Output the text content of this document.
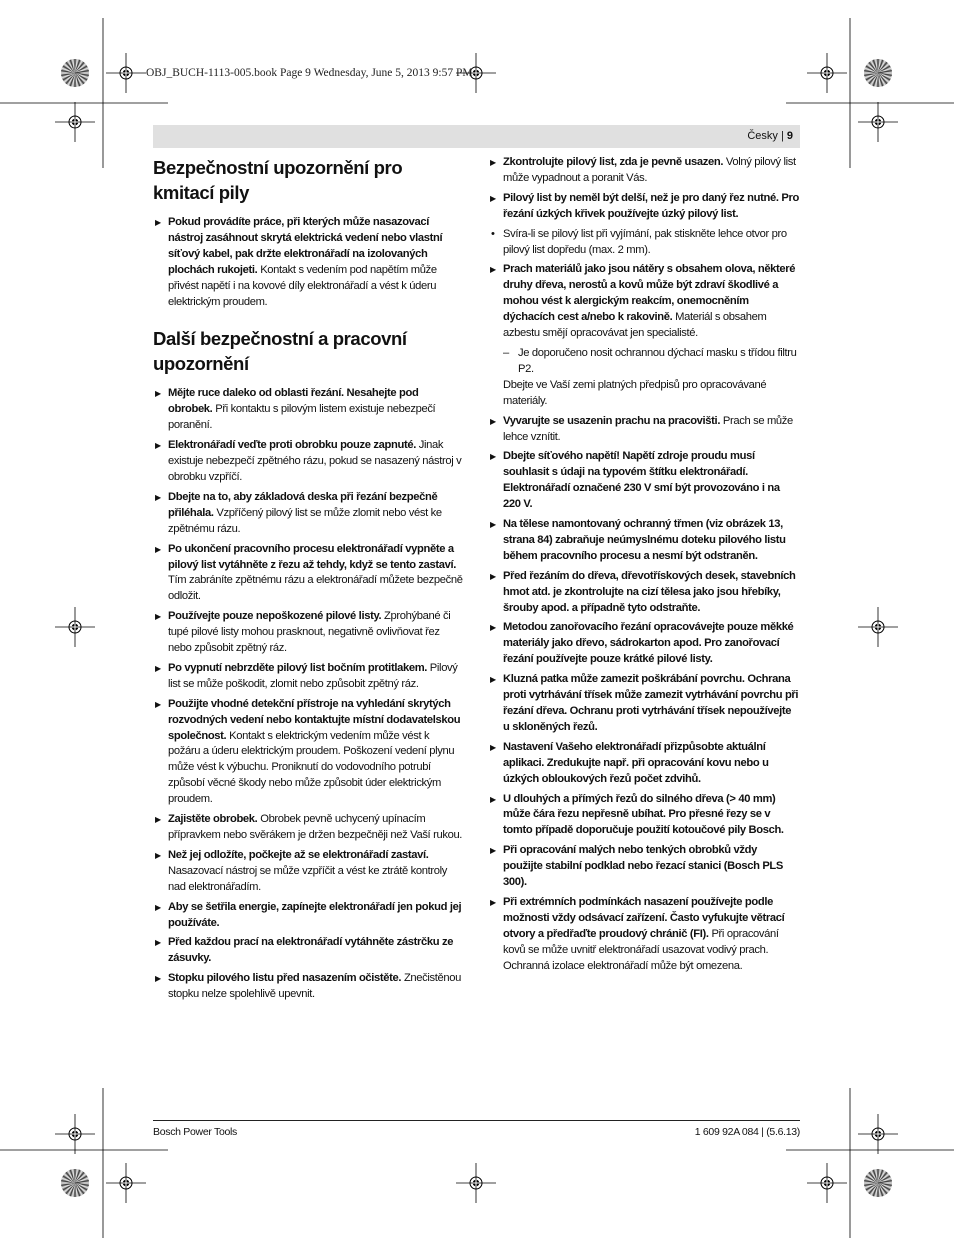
OBJ_BUCH-1113-005.book Page 9 Wednesday, June 5, 2013 9:57 PM
Česky | 9
Bezpečnostní upozornění pro kmitací pily
▶ Pokud provádíte práce, při kterých může nasazovací nástroj zasáhnout skrytá elektrická vedení nebo vlastní síťový kabel, pak držte elektronářadí na izolovaných plochách rukojeti. Kontakt s vedením pod napětím může přivést napětí i na kovové díly elektronářadí a vést k úderu elektrickým proudem.
Další bezpečnostní a pracovní upozornění
▶ Mějte ruce daleko od oblasti řezání. Nesahejte pod obrobek. Při kontaktu s pilovým listem existuje nebezpečí poranění.
▶ Elektronářadí veďte proti obrobku pouze zapnuté. Jinak existuje nebezpečí zpětného rázu, pokud se nasazený nástroj v obrobku vzpříčí.
▶ Dbejte na to, aby základová deska při řezání bezpečně přiléhala. Vzpříčený pilový list se může zlomit nebo vést ke zpětnému rázu.
▶ Po ukončení pracovního procesu elektronářadí vypněte a pilový list vytáhněte z řezu až tehdy, když se tento zastaví. Tím zabráníte zpětnému rázu a elektronářadí můžete bezpečně odložit.
▶ Používejte pouze nepoškozené pilové listy. Zprohýbané či tupé pilové listy mohou prasknout, negativně ovlivňovat řez nebo způsobit zpětný ráz.
▶ Po vypnutí nebrzděte pilový list bočním protitlakem. Pilový list se může poškodit, zlomit nebo způsobit zpětný ráz.
▶ Použijte vhodné detekční přístroje na vyhledání skrytých rozvodných vedení nebo kontaktujte místní dodavatelskou společnost. Kontakt s elektrickým vedením může vést k požáru a úderu elektrickým proudem. Poškození vedení plynu může vést k výbuchu. Proniknutí do vodovodního potrubí způsobí věcné škody nebo může způsobit úder elektrickým proudem.
▶ Zajistěte obrobek. Obrobek pevně uchycený upínacím přípravkem nebo svěrákem je držen bezpečněji než Vaší rukou.
▶ Než jej odložíte, počkejte až se elektronářadí zastaví. Nasazovací nástroj se může vzpříčit a vést ke ztrátě kontroly nad elektronářadím.
▶ Aby se šetřila energie, zapínejte elektronářadí jen pokud jej používáte.
▶ Před každou prací na elektronářadí vytáhněte zástrčku ze zásuvky.
▶ Stopku pilového listu před nasazením očistěte. Znečistěnou stopku nelze spolehlivě upevnit.
▶ Zkontrolujte pilový list, zda je pevně usazen. Volný pilový list může vypadnout a poranit Vás.
▶ Pilový list by neměl být delší, než je pro daný řez nutné. Pro řezání úzkých křivek používejte úzký pilový list.
• Svíra-li se pilový list při vyjímání, pak stiskněte lehce otvor pro pilový list dopředu (max. 2 mm).
▶ Prach materiálů jako jsou nátěry s obsahem olova, některé druhy dřeva, nerostů a kovů může být zdraví škodlivé a mohou vést k alergickým reakcím, onemocněním dýchacích cest a/nebo k rakovině. Materiál s obsahem azbestu smějí opracovávat jen specialisté.
– Je doporučeno nosit ochrannou dýchací masku s třídou filtru P2.
Dbejte ve Vaší zemi platných předpisů pro opracovávané materiály.
▶ Vyvarujte se usazenin prachu na pracovišti. Prach se může lehce vznítit.
▶ Dbejte síťového napětí! Napětí zdroje proudu musí souhlasit s údaji na typovém štítku elektronářadí. Elektronářadí označené 230 V smí být provozováno i na 220 V.
▶ Na tělese namontovaný ochranný třmen (viz obrázek 13, strana 84) zabraňuje neúmyslnému doteku pilového listu během pracovního procesu a nesmí být odstraněn.
▶ Před řezáním do dřeva, dřevotřískových desek, stavebních hmot atd. je zkontrolujte na cizí tělesa jako jsou hřebíky, šrouby apod. a případně tyto odstraňte.
▶ Metodou zanořovacího řezání opracovávejte pouze měkké materiály jako dřevo, sádrokarton apod. Pro zanořovací řezání používejte pouze krátké pilové listy.
▶ Kluzná patka může zamezit poškrábání povrchu. Ochrana proti vytrhávání třísek může zamezit vytrhávání povrchu při řezání dřeva. Ochranu proti vytrhávání třísek nepoužívejte u skloněných řezů.
▶ Nastavení Vašeho elektronářadí přizpůsobte aktuální aplikaci. Zredukujte např. při opracování kovu nebo u úzkých obloukových řezů počet zdvihů.
▶ U dlouhých a přímých řezů do silného dřeva (> 40 mm) může čára řezu nepřesně ubíhat. Pro přesné řezy se v tomto případě doporučuje použití kotoučové pily Bosch.
▶ Při opracování malých nebo tenkých obrobků vždy použijte stabilní podklad nebo řezací stanici (Bosch PLS 300).
▶ Při extrémních podmínkách nasazení používejte podle možnosti vždy odsávací zařízení. Často vyfukujte větrací otvory a předřaďte proudový chránič (FI). Při opracování kovů se může uvnitř elektronářadí usazovat vodivý prach. Ochranná izolace elektronářadí může být omezena.
Bosch Power Tools	1 609 92A 084 | (5.6.13)
